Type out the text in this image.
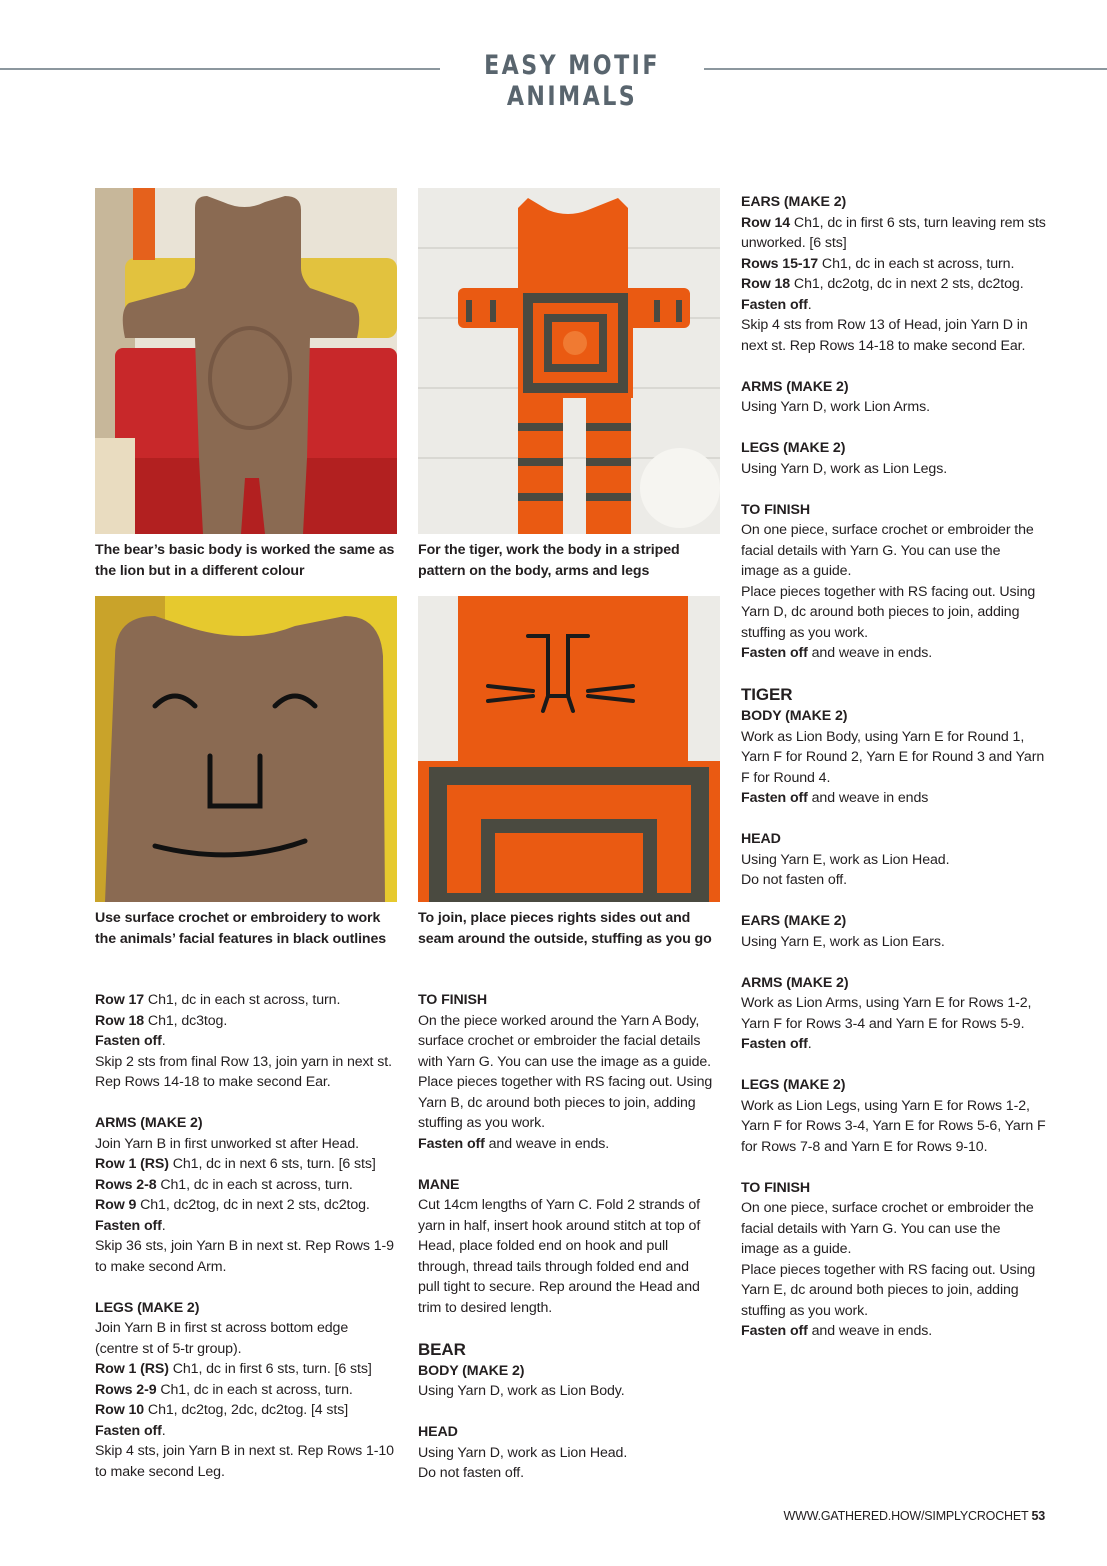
EASY MOTIF ANIMALS

The bear’s basic body is worked the same as the lion but in a different colour

For the tiger, work the body in a striped pattern on the body, arms and legs

Use surface crochet or embroidery to work the animals’ facial features in black outlines

To join, place pieces rights sides out and seam around the outside, stuffing as you go

Row 17 Ch1, dc in each st across, turn.

Row 18 Ch1, dc3tog.

Fasten off.

Skip 2 sts from final Row 13, join yarn in next st.

Rep Rows 14-18 to make second Ear.

ARMS (MAKE 2)

Join Yarn B in first unworked st after Head.

Row 1 (RS) Ch1, dc in next 6 sts, turn. [6 sts]

Rows 2-8 Ch1, dc in each st across, turn.

Row 9 Ch1, dc2tog, dc in next 2 sts, dc2tog.

Fasten off.

Skip 36 sts, join Yarn B in next st. Rep Rows 1-9

to make second Arm.

LEGS (MAKE 2)

Join Yarn B in first st across bottom edge

(centre st of 5-tr group).

Row 1 (RS) Ch1, dc in first 6 sts, turn. [6 sts]

Rows 2-9 Ch1, dc in each st across, turn.

Row 10 Ch1, dc2tog, 2dc, dc2tog. [4 sts]

Fasten off.

Skip 4 sts, join Yarn B in next st. Rep Rows 1-10

to make second Leg.

TO FINISH

On the piece worked around the Yarn A Body,

surface crochet or embroider the facial details

with Yarn G. You can use the image as a guide.

Place pieces together with RS facing out. Using

Yarn B, dc around both pieces to join, adding

stuffing as you work.

Fasten off and weave in ends.

MANE

Cut 14cm lengths of Yarn C. Fold 2 strands of

yarn in half, insert hook around stitch at top of

Head, place folded end on hook and pull

through, thread tails through folded end and

pull tight to secure. Rep around the Head and

trim to desired length.

BEAR

BODY (MAKE 2)

Using Yarn D, work as Lion Body.

HEAD

Using Yarn D, work as Lion Head.

Do not fasten off.

EARS (MAKE 2)

Row 14 Ch1, dc in first 6 sts, turn leaving rem sts

unworked. [6 sts]

Rows 15-17 Ch1, dc in each st across, turn.

Row 18 Ch1, dc2otg, dc in next 2 sts, dc2tog.

Fasten off.

Skip 4 sts from Row 13 of Head, join Yarn D in

next st. Rep Rows 14-18 to make second Ear.

ARMS (MAKE 2)

Using Yarn D, work Lion Arms.

LEGS (MAKE 2)

Using Yarn D, work as Lion Legs.

TO FINISH

On one piece, surface crochet or embroider the

facial details with Yarn G. You can use the

image as a guide.

Place pieces together with RS facing out. Using

Yarn D, dc around both pieces to join, adding

stuffing as you work.

Fasten off and weave in ends.

TIGER

BODY (MAKE 2)

Work as Lion Body, using Yarn E for Round 1,

Yarn F for Round 2, Yarn E for Round 3 and Yarn

F for Round 4.

Fasten off and weave in ends

HEAD

Using Yarn E, work as Lion Head.

Do not fasten off.

EARS (MAKE 2)

Using Yarn E, work as Lion Ears.

ARMS (MAKE 2)

Work as Lion Arms, using Yarn E for Rows 1-2,

Yarn F for Rows 3-4 and Yarn E for Rows 5-9.

Fasten off.

LEGS (MAKE 2)

Work as Lion Legs, using Yarn E for Rows 1-2,

Yarn F for Rows 3-4, Yarn E for Rows 5-6, Yarn F

for Rows 7-8 and Yarn E for Rows 9-10.

TO FINISH

On one piece, surface crochet or embroider the

facial details with Yarn G. You can use the

image as a guide.

Place pieces together with RS facing out. Using

Yarn E, dc around both pieces to join, adding

stuffing as you work.

Fasten off and weave in ends.

WWW.GATHERED.HOW/SIMPLYCROCHET 53
